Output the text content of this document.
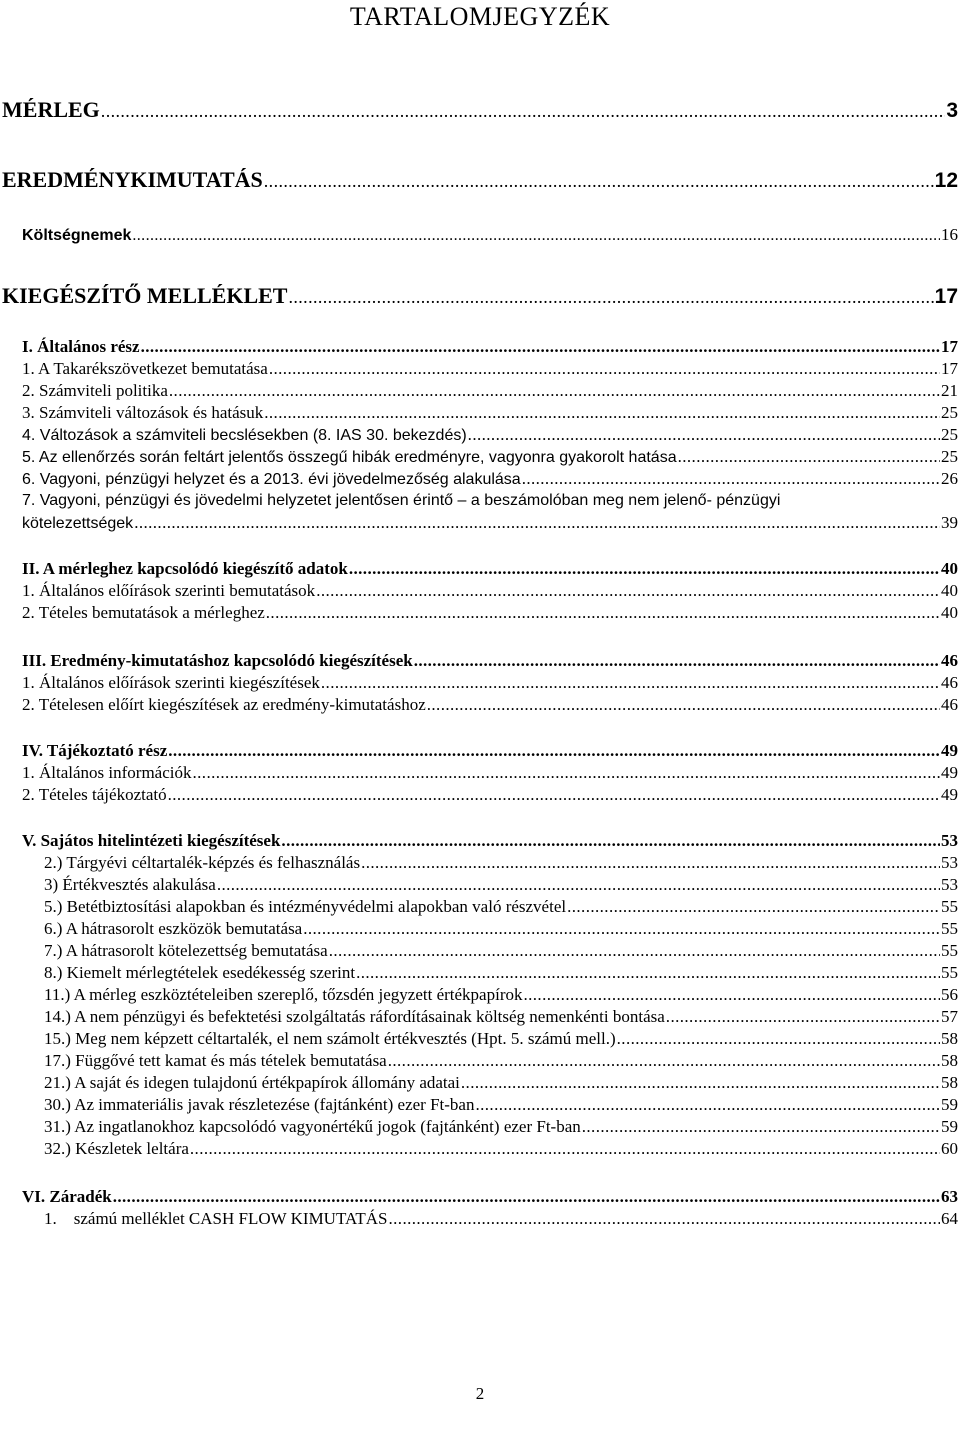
TARTALOMJEGYZÉK
MÉRLEG .....	3
EREDMÉNYKIMUTATÁS .....	12
Költségnemek .....	16
KIEGÉSZÍTŐ MELLÉKLET .....	17
I. Általános rész .....	17
1. A Takarékszövetkezet bemutatása .....	17
2. Számviteli politika .....	21
3. Számviteli változások és hatásuk .....	25
4. Változások a számviteli becslésekben (8. IAS 30. bekezdés) .....	25
5. Az ellenőrzés során feltárt jelentős összegű hibák eredményre, vagyonra gyakorolt hatása .....	25
6. Vagyoni, pénzügyi helyzet és a 2013. évi jövedelmezőség alakulása .....	26
7. Vagyoni, pénzügyi és jövedelmi helyzetet jelentősen érintő – a beszámolóban meg nem jelenő- pénzügyi
kötelezettségek .....	39
II. A mérleghez kapcsolódó kiegészítő adatok .....	40
1. Általános előírások szerinti bemutatások .....	40
2. Tételes bemutatások a mérleghez .....	40
III. Eredmény-kimutatáshoz kapcsolódó kiegészítések .....	46
1. Általános előírások szerinti kiegészítések .....	46
2. Tételesen előírt kiegészítések az eredmény-kimutatáshoz .....	46
IV. Tájékoztató rész .....	49
1. Általános információk .....	49
2. Tételes tájékoztató .....	49
V. Sajátos hitelintézeti kiegészítések .....	53
2.) Tárgyévi céltartalék-képzés és felhasználás .....	53
3) Értékvesztés alakulása .....	53
5.) Betétbiztosítási alapokban és intézményvédelmi alapokban való részvétel .....	55
6.) A hátrasorolt eszközök bemutatása .....	55
7.) A hátrasorolt kötelezettség bemutatása .....	55
8.) Kiemelt mérlegtételek esedékesség szerint .....	55
11.) A mérleg eszköztételeiben szereplő, tőzsdén jegyzett értékpapírok .....	56
14.) A nem pénzügyi és befektetési szolgáltatás ráfordításainak költség nemenkénti bontása .....	57
15.) Meg nem képzett céltartalék, el nem számolt értékvesztés (Hpt. 5. számú mell.) .....	58
17.) Függővé tett kamat és más tételek bemutatása .....	58
21.) A saját és idegen tulajdonú értékpapírok állomány adatai .....	58
30.) Az immateriális javak részletezése (fajtánként) ezer Ft-ban .....	59
31.) Az ingatlanokhoz kapcsolódó vagyonértékű jogok (fajtánként) ezer Ft-ban .....	59
32.) Készletek leltára .....	60
VI. Záradék .....	63
1.    számú melléklet CASH FLOW KIMUTATÁS .....	64
2
